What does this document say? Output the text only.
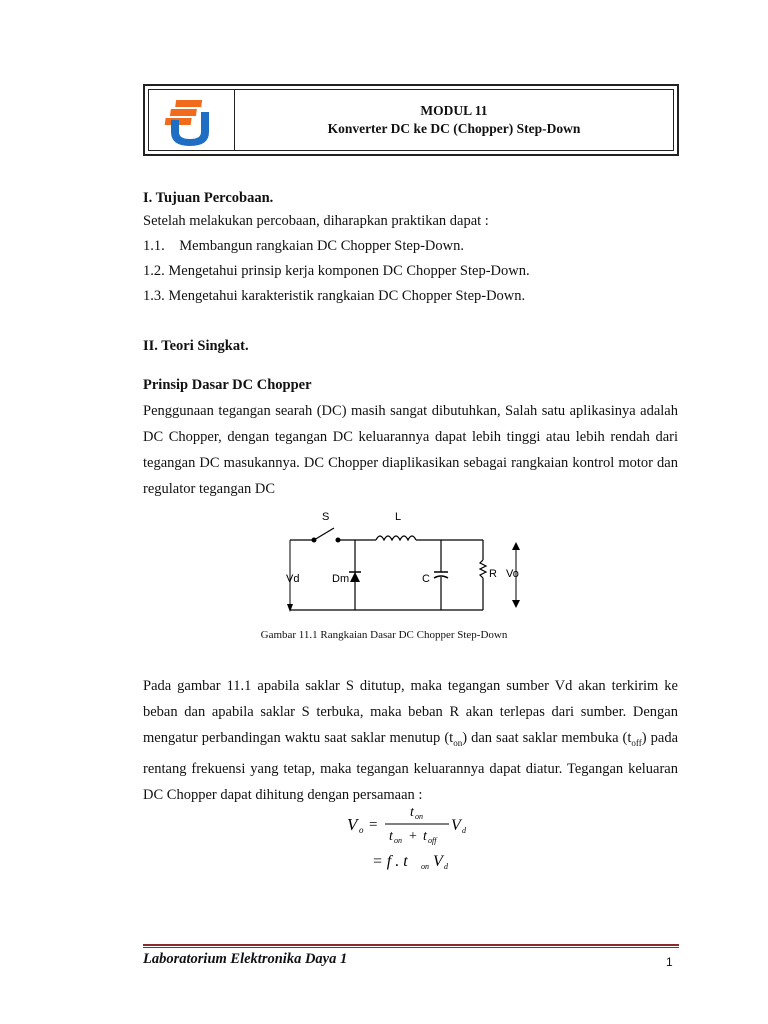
MODUL 11
Konverter DC ke DC (Chopper) Step-Down
I. Tujuan Percobaan.
Setelah melakukan percobaan, diharapkan praktikan dapat :
1.1.    Membangun rangkaian DC Chopper Step-Down.
1.2. Mengetahui prinsip kerja komponen DC Chopper Step-Down.
1.3. Mengetahui karakteristik rangkaian DC Chopper Step-Down.
II. Teori Singkat.
Prinsip Dasar DC Chopper
Penggunaan tegangan searah (DC) masih sangat dibutuhkan, Salah satu aplikasinya adalah DC Chopper, dengan tegangan DC keluarannya dapat lebih tinggi atau lebih rendah dari tegangan DC masukannya. DC Chopper diaplikasikan sebagai rangkaian kontrol motor dan regulator tegangan DC
S	L
Vd	Dm	C	R Vo
Gambar 11.1 Rangkaian Dasar DC Chopper Step-Down
Pada gambar 11.1 apabila saklar S ditutup, maka tegangan sumber Vd akan terkirim ke beban dan apabila saklar S terbuka, maka beban R akan terlepas dari sumber. Dengan mengatur perbandingan waktu saat saklar menutup $(t_{on})$ dan saat saklar membuka $(t_{off})$ pada rentang frekuensi yang tetap, maka tegangan keluarannya dapat diatur. Tegangan keluaran DC Chopper dapat dihitung dengan persamaan :
V o =
t on
t on + t off
V d
= f . t on V d
Laboratorium Elektronika Daya 1	1
